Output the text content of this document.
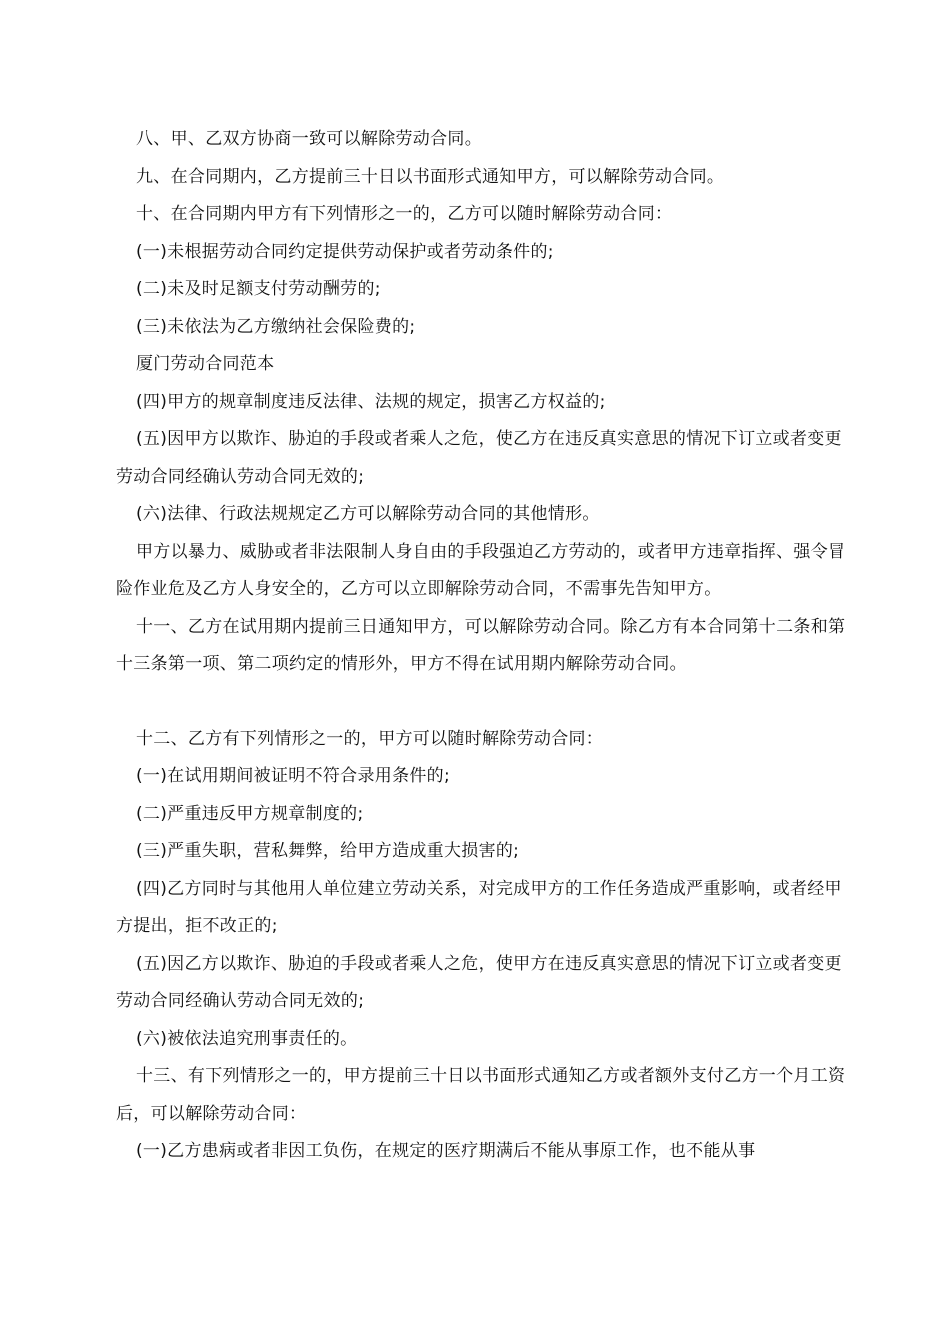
八、甲、乙双方协商一致可以解除劳动合同。

九、在合同期内，乙方提前三十日以书面形式通知甲方，可以解除劳动合同。

十、在合同期内甲方有下列情形之一的，乙方可以随时解除劳动合同：

(一)未根据劳动合同约定提供劳动保护或者劳动条件的;

(二)未及时足额支付劳动酬劳的;

(三)未依法为乙方缴纳社会保险费的;

厦门劳动合同范本

(四)甲方的规章制度违反法律、法规的规定，损害乙方权益的;

(五)因甲方以欺诈、胁迫的手段或者乘人之危，使乙方在违反真实意思的情况下订立或者变更劳动合同经确认劳动合同无效的;

(六)法律、行政法规规定乙方可以解除劳动合同的其他情形。

甲方以暴力、威胁或者非法限制人身自由的手段强迫乙方劳动的，或者甲方违章指挥、强令冒险作业危及乙方人身安全的，乙方可以立即解除劳动合同，不需事先告知甲方。

十一、乙方在试用期内提前三日通知甲方，可以解除劳动合同。除乙方有本合同第十二条和第十三条第一项、第二项约定的情形外，甲方不得在试用期内解除劳动合同。

十二、乙方有下列情形之一的，甲方可以随时解除劳动合同：

(一)在试用期间被证明不符合录用条件的;

(二)严重违反甲方规章制度的;

(三)严重失职，营私舞弊，给甲方造成重大损害的;

(四)乙方同时与其他用人单位建立劳动关系，对完成甲方的工作任务造成严重影响，或者经甲方提出，拒不改正的;

(五)因乙方以欺诈、胁迫的手段或者乘人之危，使甲方在违反真实意思的情况下订立或者变更劳动合同经确认劳动合同无效的;

(六)被依法追究刑事责任的。

十三、有下列情形之一的，甲方提前三十日以书面形式通知乙方或者额外支付乙方一个月工资后，可以解除劳动合同：

(一)乙方患病或者非因工负伤，在规定的医疗期满后不能从事原工作，也不能从事
